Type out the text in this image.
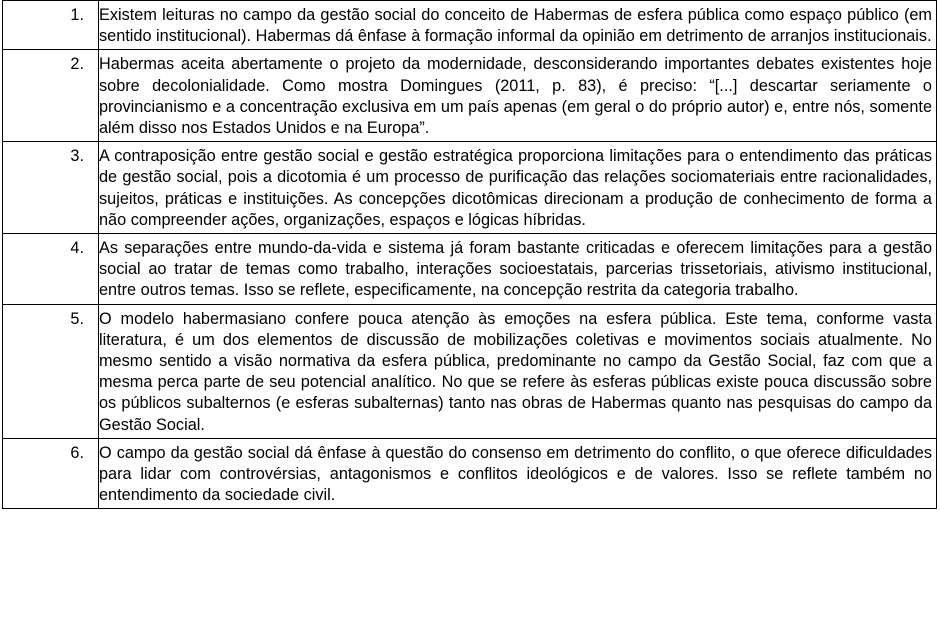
1.	Existem leituras no campo da gestão social do conceito de Habermas de esfera pública como espaço público (em sentido institucional). Habermas dá ênfase à formação informal da opinião em detrimento de arranjos institucionais.
2.	Habermas aceita abertamente o projeto da modernidade, desconsiderando importantes debates existentes hoje sobre decolonialidade. Como mostra Domingues (2011, p. 83), é preciso: “[...] descartar seriamente o provincianismo e a concentração exclusiva em um país apenas (em geral o do próprio autor) e, entre nós, somente além disso nos Estados Unidos e na Europa”.
3.	A contraposição entre gestão social e gestão estratégica proporciona limitações para o entendimento das práticas de gestão social, pois a dicotomia é um processo de purificação das relações sociomateriais entre racionalidades, sujeitos, práticas e instituições. As concepções dicotômicas direcionam a produção de conhecimento de forma a não compreender ações, organizações, espaços e lógicas híbridas.
4.	As separações entre mundo-da-vida e sistema já foram bastante criticadas e oferecem limitações para a gestão social ao tratar de temas como trabalho, interações socioestatais, parcerias trissetoriais, ativismo institucional, entre outros temas. Isso se reflete, especificamente, na concepção restrita da categoria trabalho.
5.	O modelo habermasiano confere pouca atenção às emoções na esfera pública. Este tema, conforme vasta literatura, é um dos elementos de discussão de mobilizações coletivas e movimentos sociais atualmente. No mesmo sentido a visão normativa da esfera pública, predominante no campo da Gestão Social, faz com que a mesma perca parte de seu potencial analítico. No que se refere às esferas públicas existe pouca discussão sobre os públicos subalternos (e esferas subalternas) tanto nas obras de Habermas quanto nas pesquisas do campo da Gestão Social.
6.	O campo da gestão social dá ênfase à questão do consenso em detrimento do conflito, o que oferece dificuldades para lidar com controvérsias, antagonismos e conflitos ideológicos e de valores. Isso se reflete também no entendimento da sociedade civil.
